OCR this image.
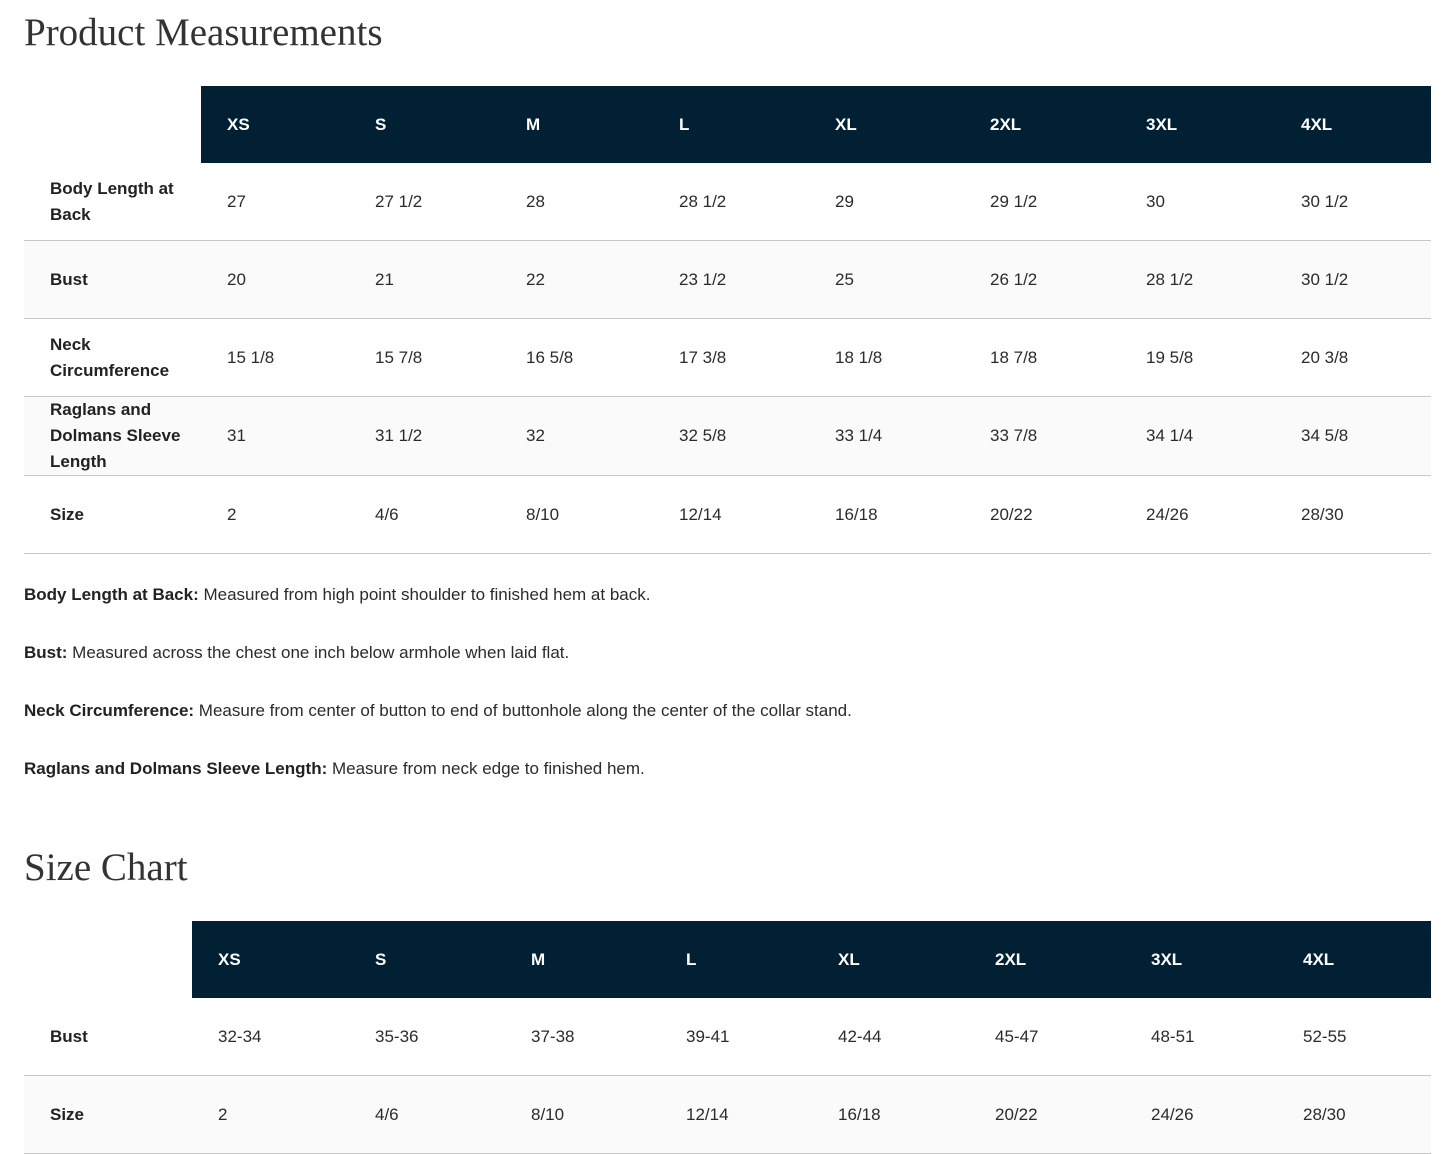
Product Measurements
	XS	S	M	L	XL	2XL	3XL	4XL
Body Length at Back	27	27 1/2	28	28 1/2	29	29 1/2	30	30 1/2
Bust	20	21	22	23 1/2	25	26 1/2	28 1/2	30 1/2
Neck Circumference	15 1/8	15 7/8	16 5/8	17 3/8	18 1/8	18 7/8	19 5/8	20 3/8
Raglans and Dolmans Sleeve Length	31	31 1/2	32	32 5/8	33 1/4	33 7/8	34 1/4	34 5/8
Size	2	4/6	8/10	12/14	16/18	20/22	24/26	28/30

Body Length at Back: Measured from high point shoulder to finished hem at back.

Bust: Measured across the chest one inch below armhole when laid flat.

Neck Circumference: Measure from center of button to end of buttonhole along the center of the collar stand.

Raglans and Dolmans Sleeve Length: Measure from neck edge to finished hem.

Size Chart
	XS	S	M	L	XL	2XL	3XL	4XL
Bust	32-34	35-36	37-38	39-41	42-44	45-47	48-51	52-55
Size	2	4/6	8/10	12/14	16/18	20/22	24/26	28/30
